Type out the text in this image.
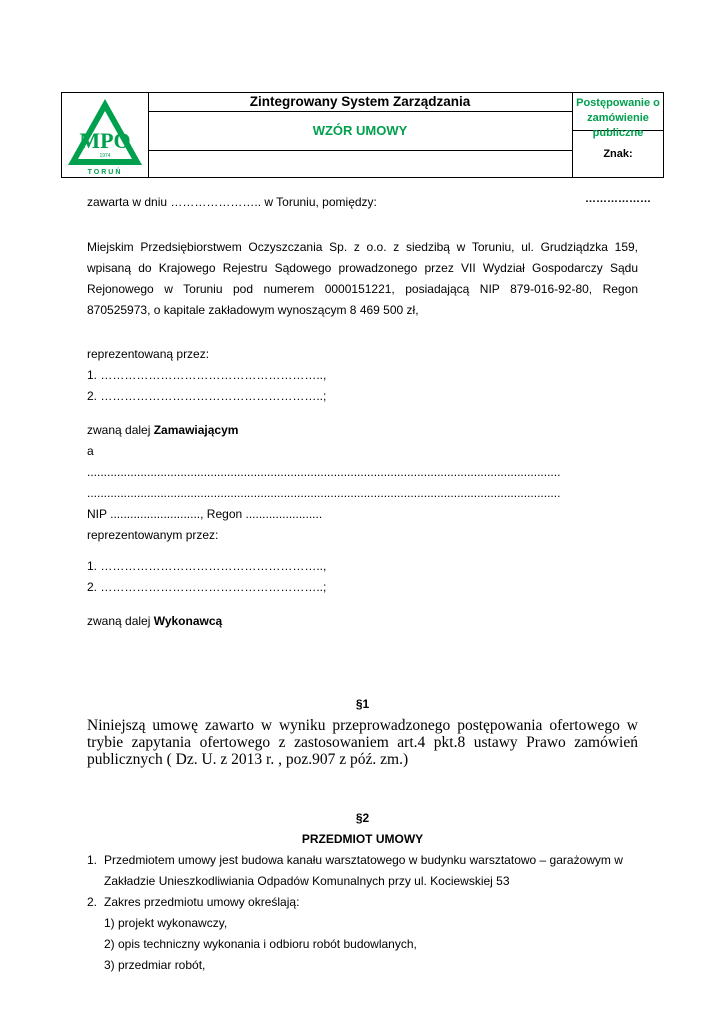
MPO
1974
TORUŃ
Zintegrowany System Zarządzania
WZÓR UMOWY
Postępowanie o zamówienie publiczne
Znak: ………………
zawarta w dniu ………………….. w Toruniu, pomiędzy:
Miejskim Przedsiębiorstwem Oczyszczania Sp. z o.o. z siedzibą w Toruniu, ul. Grudziądzka 159, wpisaną do Krajowego Rejestru Sądowego prowadzonego przez VII Wydział Gospodarczy Sądu Rejonowego w Toruniu pod numerem 0000151221, posiadającą NIP 879-016-92-80, Regon 870525973, o kapitale zakładowym wynoszącym 8 469 500 zł,
reprezentowaną przez:
1. ………………………………………………..,
2. ………………………………………………..;
zwaną dalej Zamawiającym
a
..............................................................................................................................................
..............................................................................................................................................
NIP ..........................., Regon .......................
reprezentowanym przez:
1. ………………………………………………..,
2. ………………………………………………..;
zwaną dalej Wykonawcą
§1
Niniejszą umowę zawarto w wyniku przeprowadzonego postępowania ofertowego w trybie zapytania ofertowego z zastosowaniem art.4 pkt.8 ustawy Prawo zamówień publicznych ( Dz. U. z 2013 r. , poz.907 z póź. zm.)
§2
PRZEDMIOT UMOWY
1. Przedmiotem umowy jest budowa kanału warsztatowego w budynku warsztatowo – garażowym w
Zakładzie Unieszkodliwiania Odpadów Komunalnych przy ul. Kociewskiej 53
2. Zakres przedmiotu umowy określają:
1) projekt wykonawczy,
2) opis techniczny wykonania i odbioru robót budowlanych,
3) przedmiar robót,
